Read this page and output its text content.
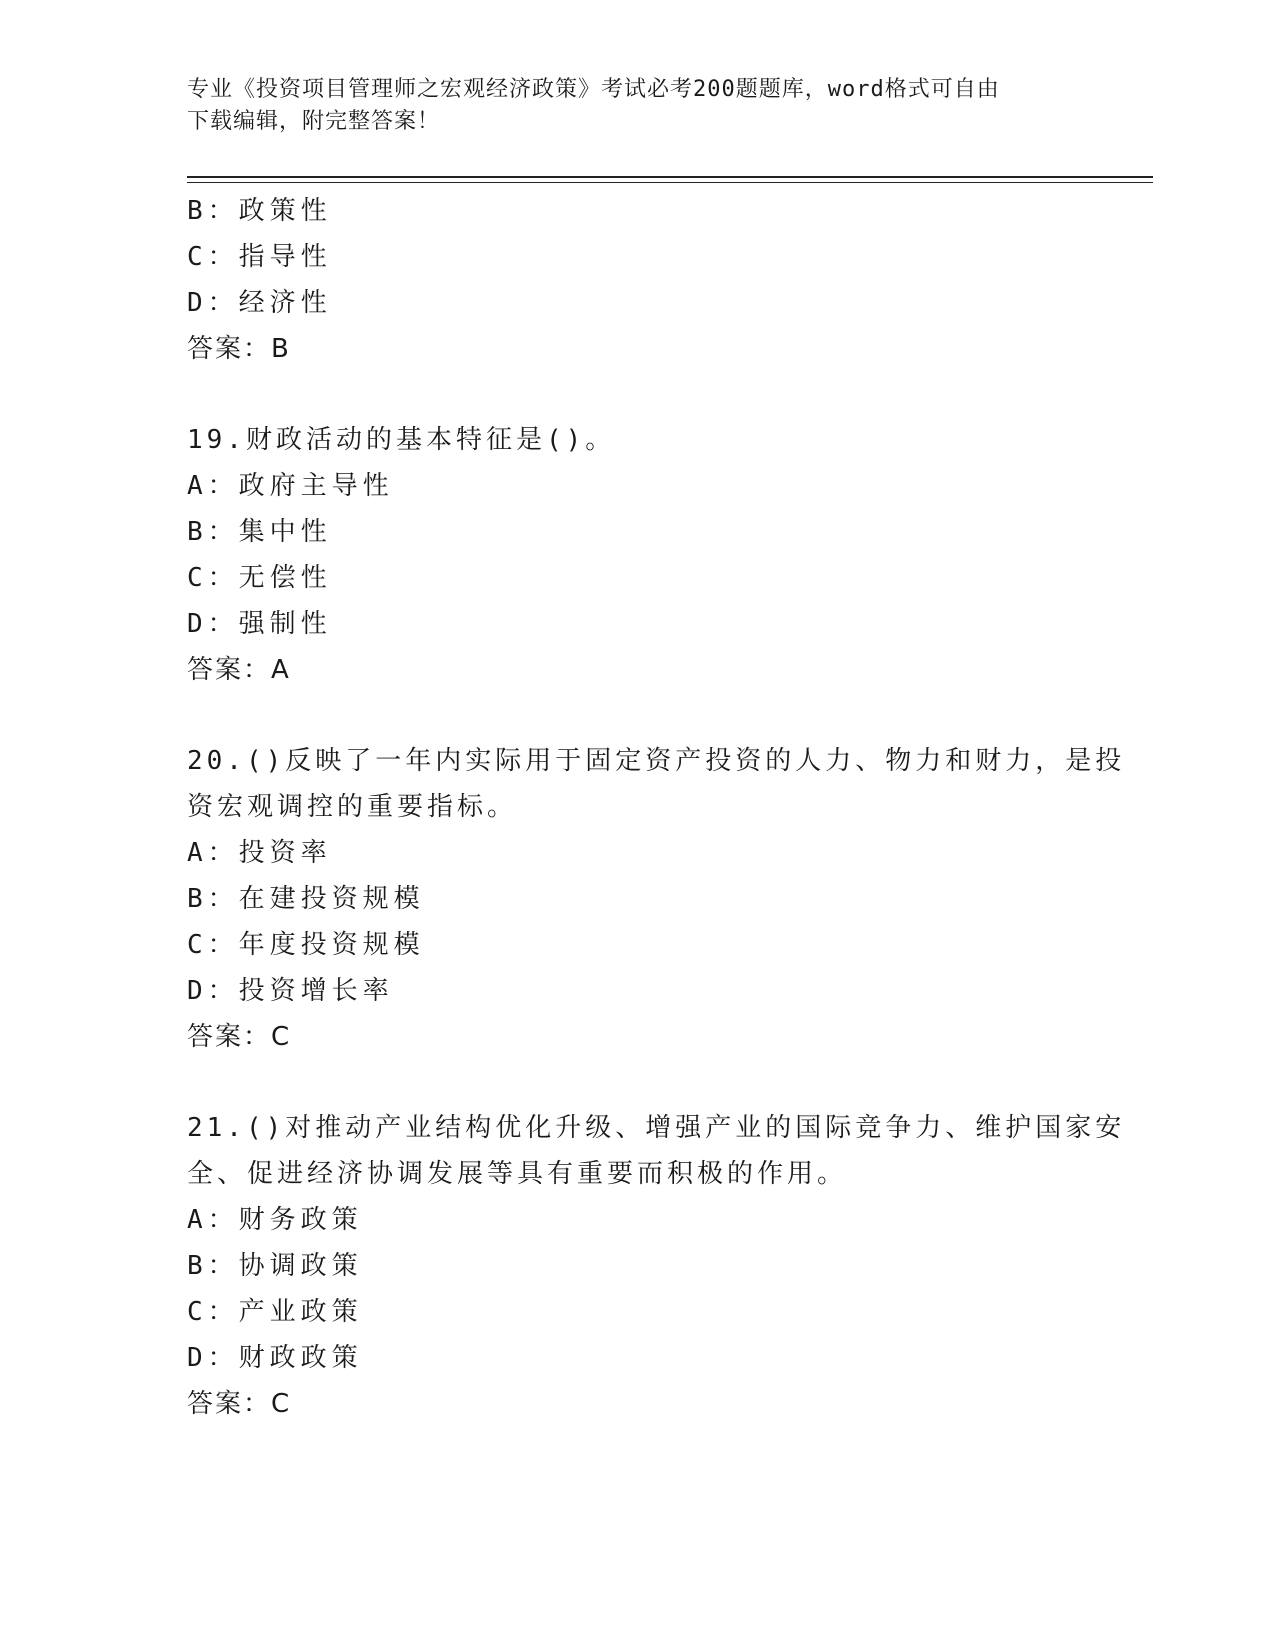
专业《投资项目管理师之宏观经济政策》考试必考200题题库，word格式可自由
下载编辑，附完整答案！
B：政策性
C：指导性
D：经济性
答案：B
19.财政活动的基本特征是()。
A：政府主导性
B：集中性
C：无偿性
D：强制性
答案：A
20.()反映了一年内实际用于固定资产投资的人力、物力和财力，是投
资宏观调控的重要指标。
A：投资率
B：在建投资规模
C：年度投资规模
D：投资增长率
答案：C
21.()对推动产业结构优化升级、增强产业的国际竞争力、维护国家安
全、促进经济协调发展等具有重要而积极的作用。
A：财务政策
B：协调政策
C：产业政策
D：财政政策
答案：C
